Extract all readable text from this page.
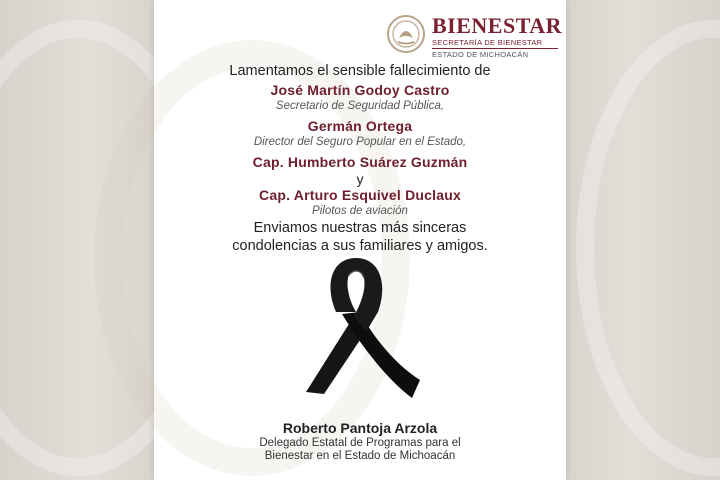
BIENESTAR
SECRETARÍA DE BIENESTAR
ESTADO DE MICHOACÁN
Lamentamos el sensible fallecimiento de
José Martín Godoy Castro
Secretario de Seguridad Pública,
Germán Ortega
Director del Seguro Popular en el Estado,
Cap. Humberto Suárez Guzmán
y
Cap. Arturo Esquivel Duclaux
Pilotos de aviación
Enviamos nuestras más sinceras
condolencias a sus familiares y amigos.
Roberto Pantoja Arzola
Delegado Estatal de Programas para el
Bienestar en el Estado de Michoacán
